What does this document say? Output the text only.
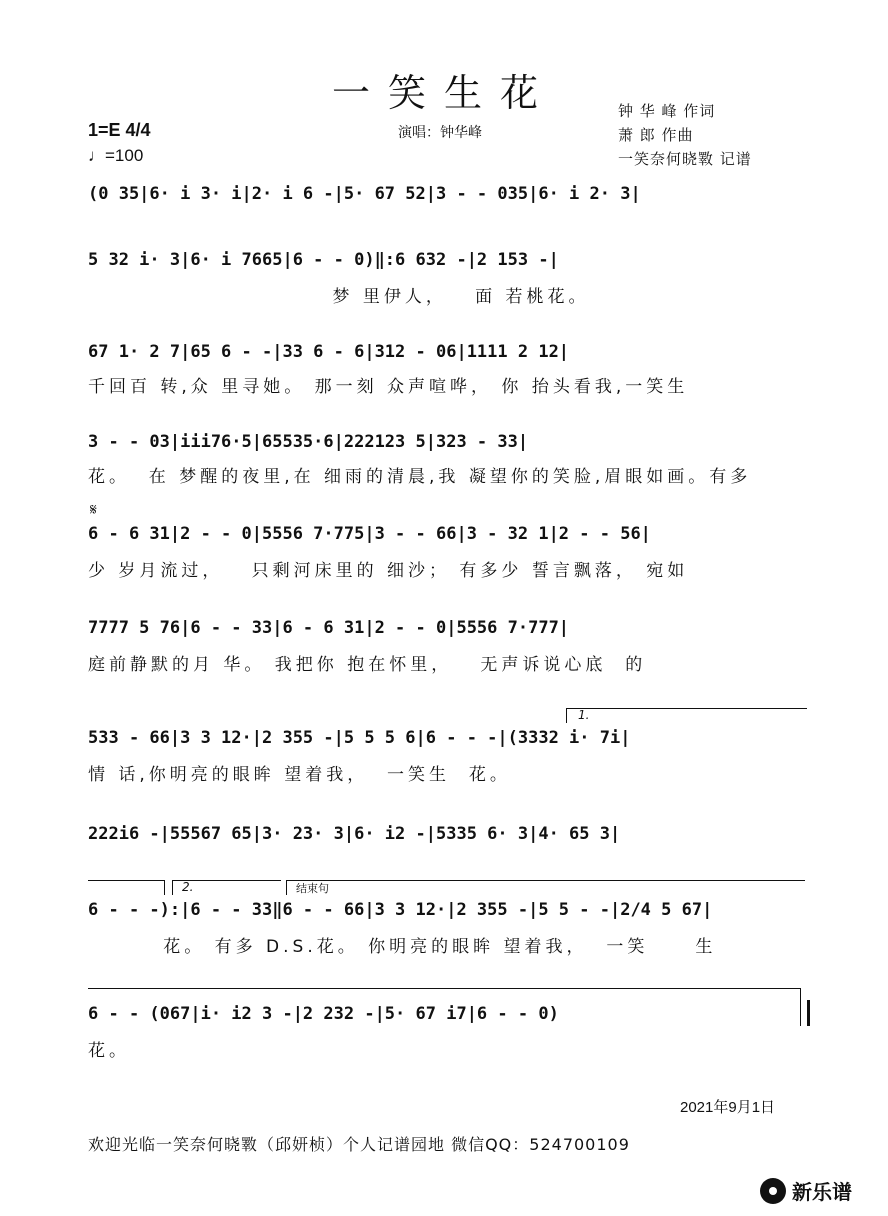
一笑生花	钟 华 峰 作词
萧 郎 作曲
一笑奈何晓斁 记谱
1=E 4/4
♩=100
演唱：钟华峰
(0 35|6· i 3· i|2· i 6 -|5· 67 52|3 - - 035|6· i 2· 3|
5 32 i· 3|6· i 7665|6 - - 0)‖:6 632 -|2 153 -|
梦 里伊人，   面 若桃花。
67 1· 2 7|65 6 - -|33 6 - 6|312 - 06|1111 2 12|
千回百 转,众 里寻她。 那一刻 众声喧哗， 你 抬头看我,一笑生
3 - - 03|iii76·5|65535·6|222123 5|323 - 33|
花。  在 梦醒的夜里,在 细雨的清晨,我 凝望你的笑脸,眉眼如画。有多
𝄋
6 - 6 31|2 - - 0|5556 7·775|3 - - 66|3 - 32 1|2 - - 56|
少 岁月流过，   只剩河床里的 细沙； 有多少 誓言飘落， 宛如
7777 5 76|6 - - 33|6 - 6 31|2 - - 0|5556 7·777|
庭前静默的月 华。 我把你 抱在怀里，   无声诉说心底  的
1.
533 - 66|3 3 12·|2 355 -|5 5 5 6|6 - - -|(3332 i· 7i|
情 话,你明亮的眼眸 望着我，  一笑生  花。
222i6 -|55567 65|3· 23· 3|6· i2 -|5335 6· 3|4· 65 3|
2.	结束句
6 - - -):|6 - - 33‖6 - - 66|3 3 12·|2 355 -|5 5 - -|2/4 5 67|
花。 有多 D.S.花。 你明亮的眼眸 望着我，  一笑     生
6 - - (067|i· i2 3 -|2 232 -|5· 67 i7|6 - - 0)
花。
2021年9月1日
欢迎光临一笑奈何晓斁（邱妍桢）个人记谱园地 微信QQ：524700109
新乐谱
